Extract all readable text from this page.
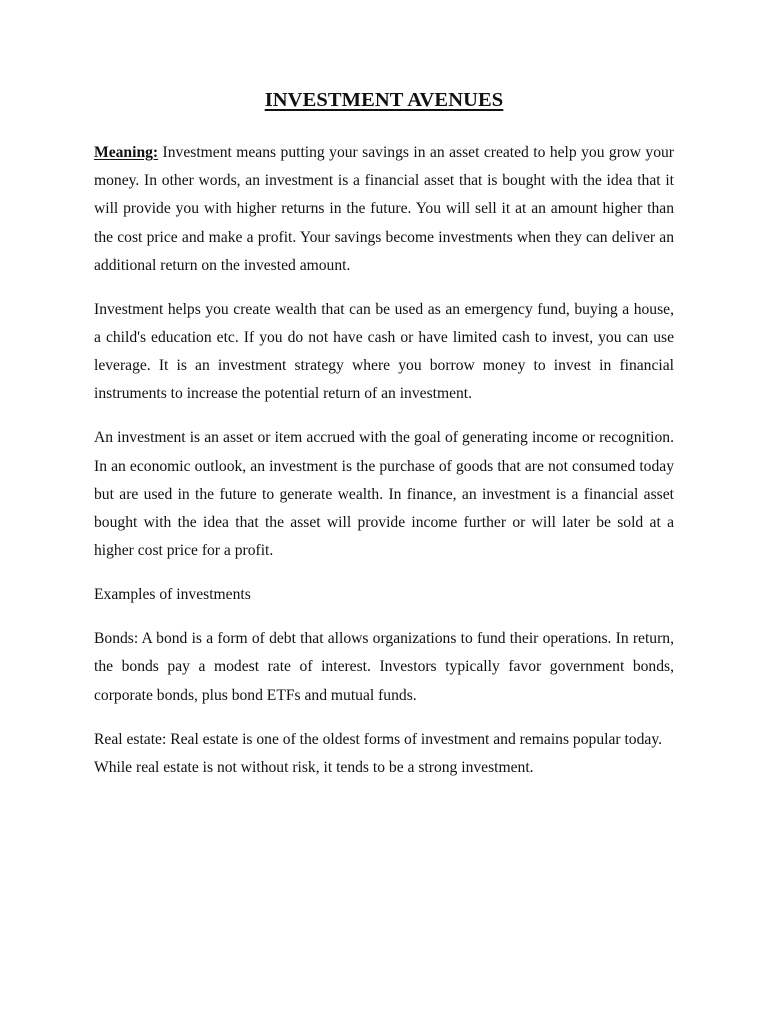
INVESTMENT AVENUES

Meaning: Investment means putting your savings in an asset created to help you grow your money. In other words, an investment is a financial asset that is bought with the idea that it will provide you with higher returns in the future. You will sell it at an amount higher than the cost price and make a profit. Your savings become investments when they can deliver an additional return on the invested amount.

Investment helps you create wealth that can be used as an emergency fund, buying a house, a child's education etc. If you do not have cash or have limited cash to invest, you can use leverage. It is an investment strategy where you borrow money to invest in financial instruments to increase the potential return of an investment.

An investment is an asset or item accrued with the goal of generating income or recognition. In an economic outlook, an investment is the purchase of goods that are not consumed today but are used in the future to generate wealth. In finance, an investment is a financial asset bought with the idea that the asset will provide income further or will later be sold at a higher cost price for a profit.

Examples of investments

Bonds: A bond is a form of debt that allows organizations to fund their operations. In return, the bonds pay a modest rate of interest. Investors typically favor government bonds, corporate bonds, plus bond ETFs and mutual funds.

Real estate: Real estate is one of the oldest forms of investment and remains popular today. While real estate is not without risk, it tends to be a strong investment.
